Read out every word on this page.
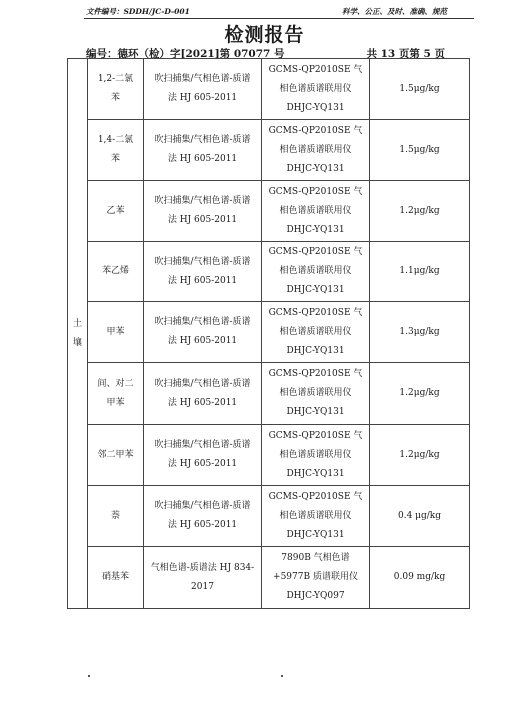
文件编号：SDDH/JC-D-001	科学、公正、及时、准确、规范
检测报告
编号：德环（检）字[2021]第 07077 号	共 13 页第 5 页
土壤	1,2-二氯苯	吹扫捕集/气相色谱-质谱法 HJ 605-2011	GCMS-QP2010SE 气相色谱质谱联用仪 DHJC-YQ131	1.5μg/kg
	1,4-二氯苯	吹扫捕集/气相色谱-质谱法 HJ 605-2011	GCMS-QP2010SE 气相色谱质谱联用仪 DHJC-YQ131	1.5μg/kg
	乙苯	吹扫捕集/气相色谱-质谱法 HJ 605-2011	GCMS-QP2010SE 气相色谱质谱联用仪 DHJC-YQ131	1.2μg/kg
	苯乙烯	吹扫捕集/气相色谱-质谱法 HJ 605-2011	GCMS-QP2010SE 气相色谱质谱联用仪 DHJC-YQ131	1.1μg/kg
	甲苯	吹扫捕集/气相色谱-质谱法 HJ 605-2011	GCMS-QP2010SE 气相色谱质谱联用仪 DHJC-YQ131	1.3μg/kg
	间、对二甲苯	吹扫捕集/气相色谱-质谱法 HJ 605-2011	GCMS-QP2010SE 气相色谱质谱联用仪 DHJC-YQ131	1.2μg/kg
	邻二甲苯	吹扫捕集/气相色谱-质谱法 HJ 605-2011	GCMS-QP2010SE 气相色谱质谱联用仪 DHJC-YQ131	1.2μg/kg
	萘	吹扫捕集/气相色谱-质谱法 HJ 605-2011	GCMS-QP2010SE 气相色谱质谱联用仪 DHJC-YQ131	0.4 μg/kg
	硝基苯	气相色谱-质谱法 HJ 834-2017	7890B 气相色谱 +5977B 质谱联用仪 DHJC-YQ097	0.09 mg/kg
